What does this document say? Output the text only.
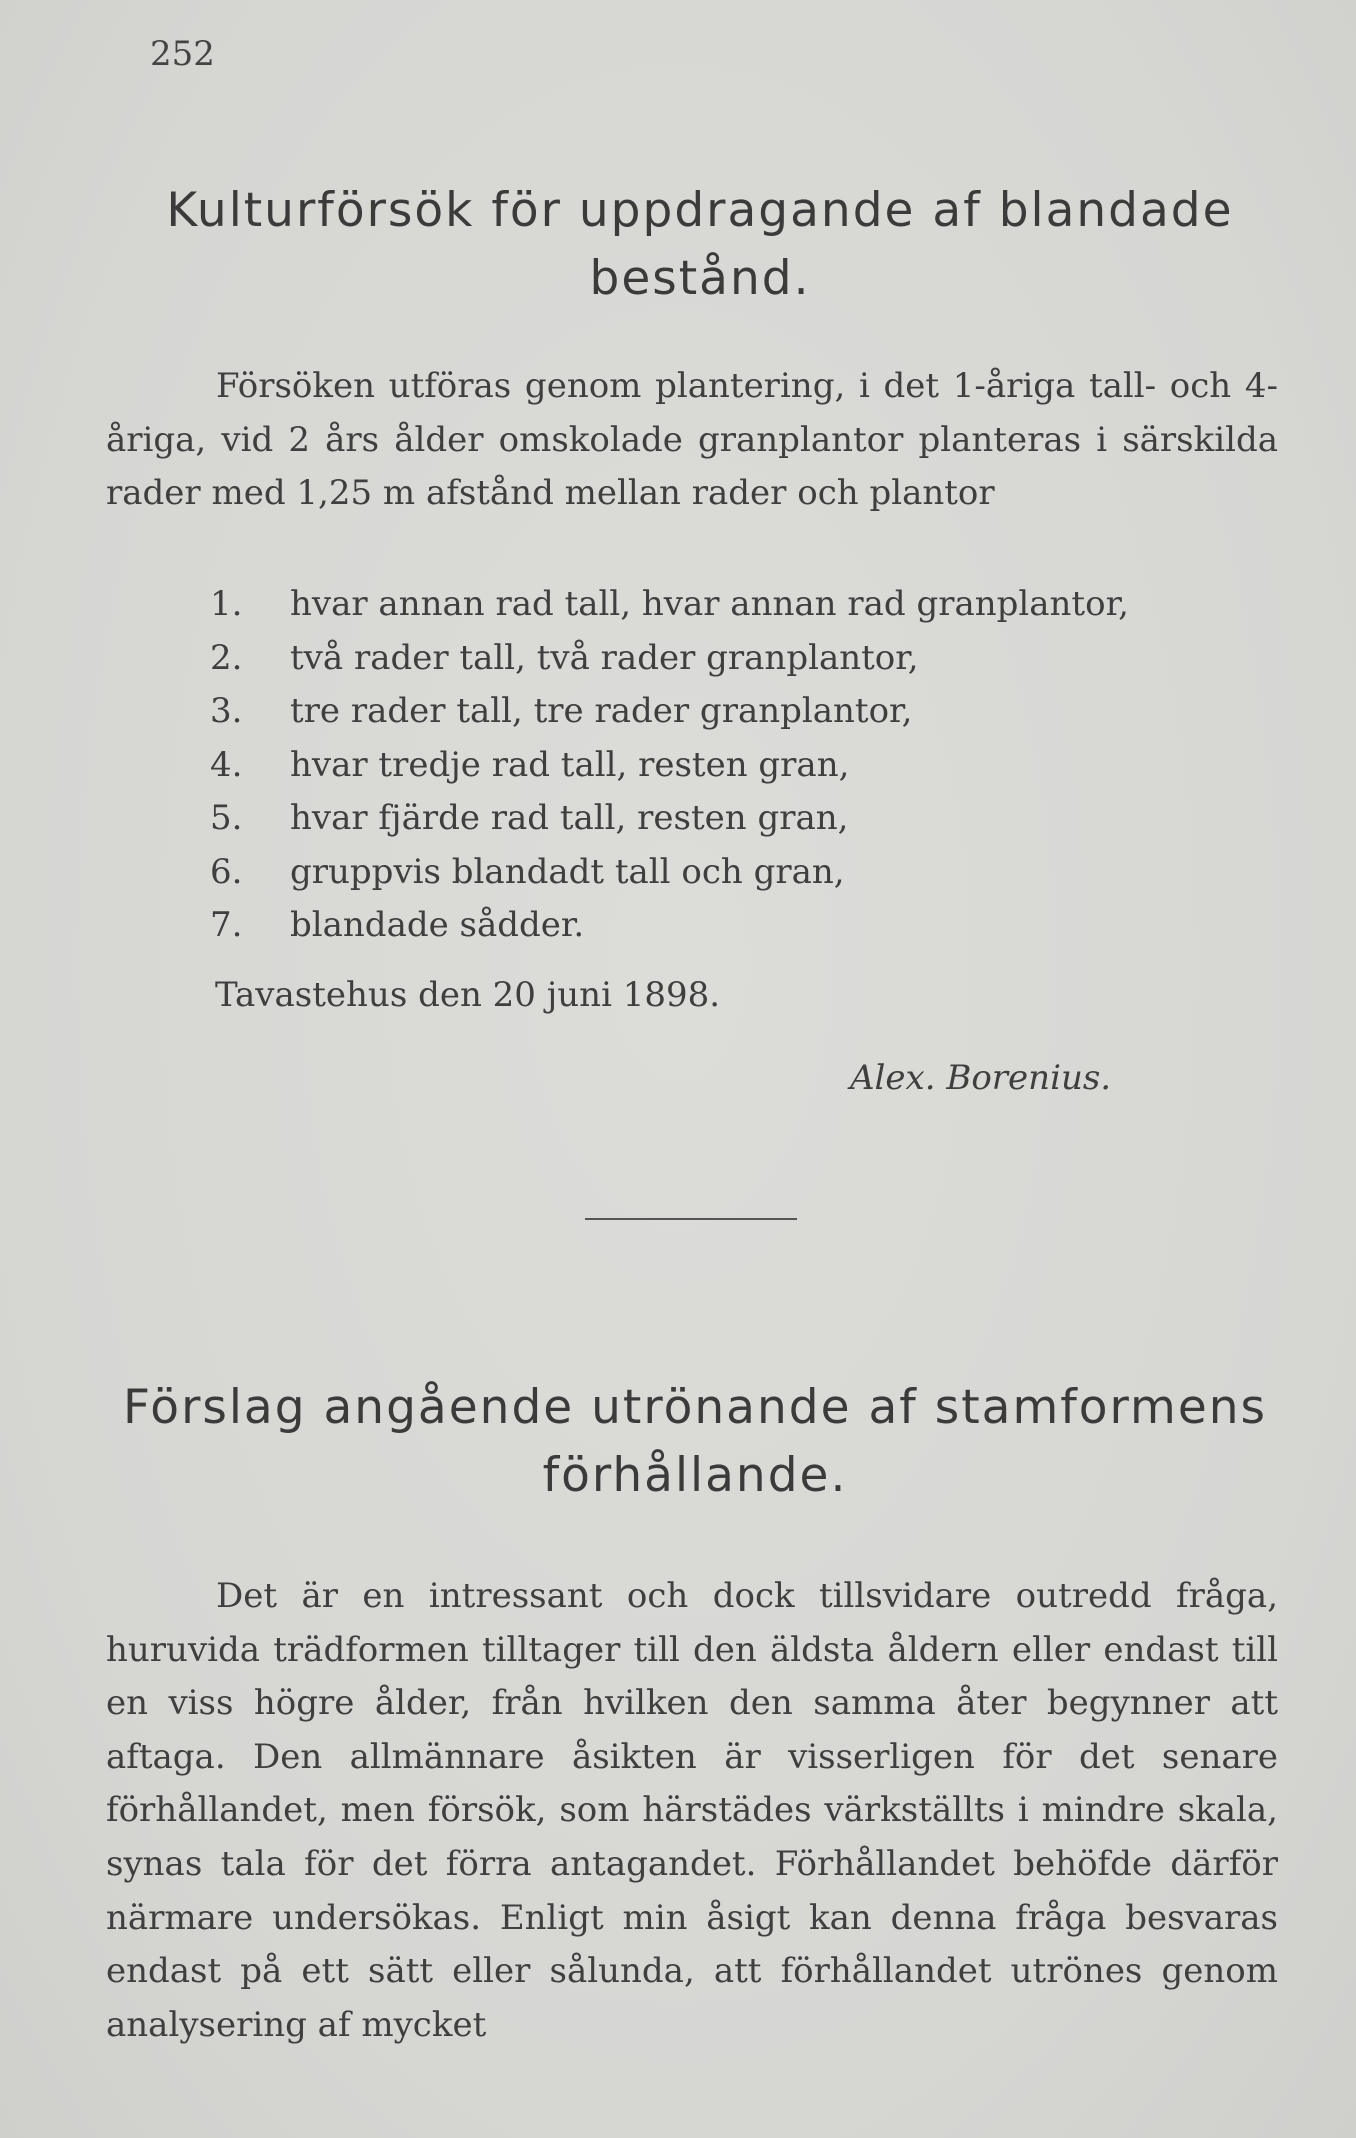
252
Kulturförsök för uppdragande af blandade bestånd.
Försöken utföras genom plantering, i det 1-åriga tall- och 4-åriga, vid 2 års ålder omskolade granplantor planteras i särskilda rader med 1,25 m afstånd mellan rader och plantor
1. hvar annan rad tall, hvar annan rad granplantor,
2. två rader tall, två rader granplantor,
3. tre rader tall, tre rader granplantor,
4. hvar tredje rad tall, resten gran,
5. hvar fjärde rad tall, resten gran,
6. gruppvis blandadt tall och gran,
7. blandade sådder.
Tavastehus den 20 juni 1898.
Alex. Borenius.
Förslag angående utrönande af stamformens förhållande.
Det är en intressant och dock tillsvidare outredd fråga, huruvida trädformen tilltager till den äldsta åldern eller endast till en viss högre ålder, från hvilken den samma åter begynner att aftaga. Den allmännare åsikten är visserligen för det senare förhållandet, men försök, som härstädes värkställts i mindre skala, synas tala för det förra antagandet. Förhållandet behöfde därför närmare undersökas. Enligt min åsigt kan denna fråga besvaras endast på ett sätt eller sålunda, att förhållandet utrönes genom analysering af mycket
